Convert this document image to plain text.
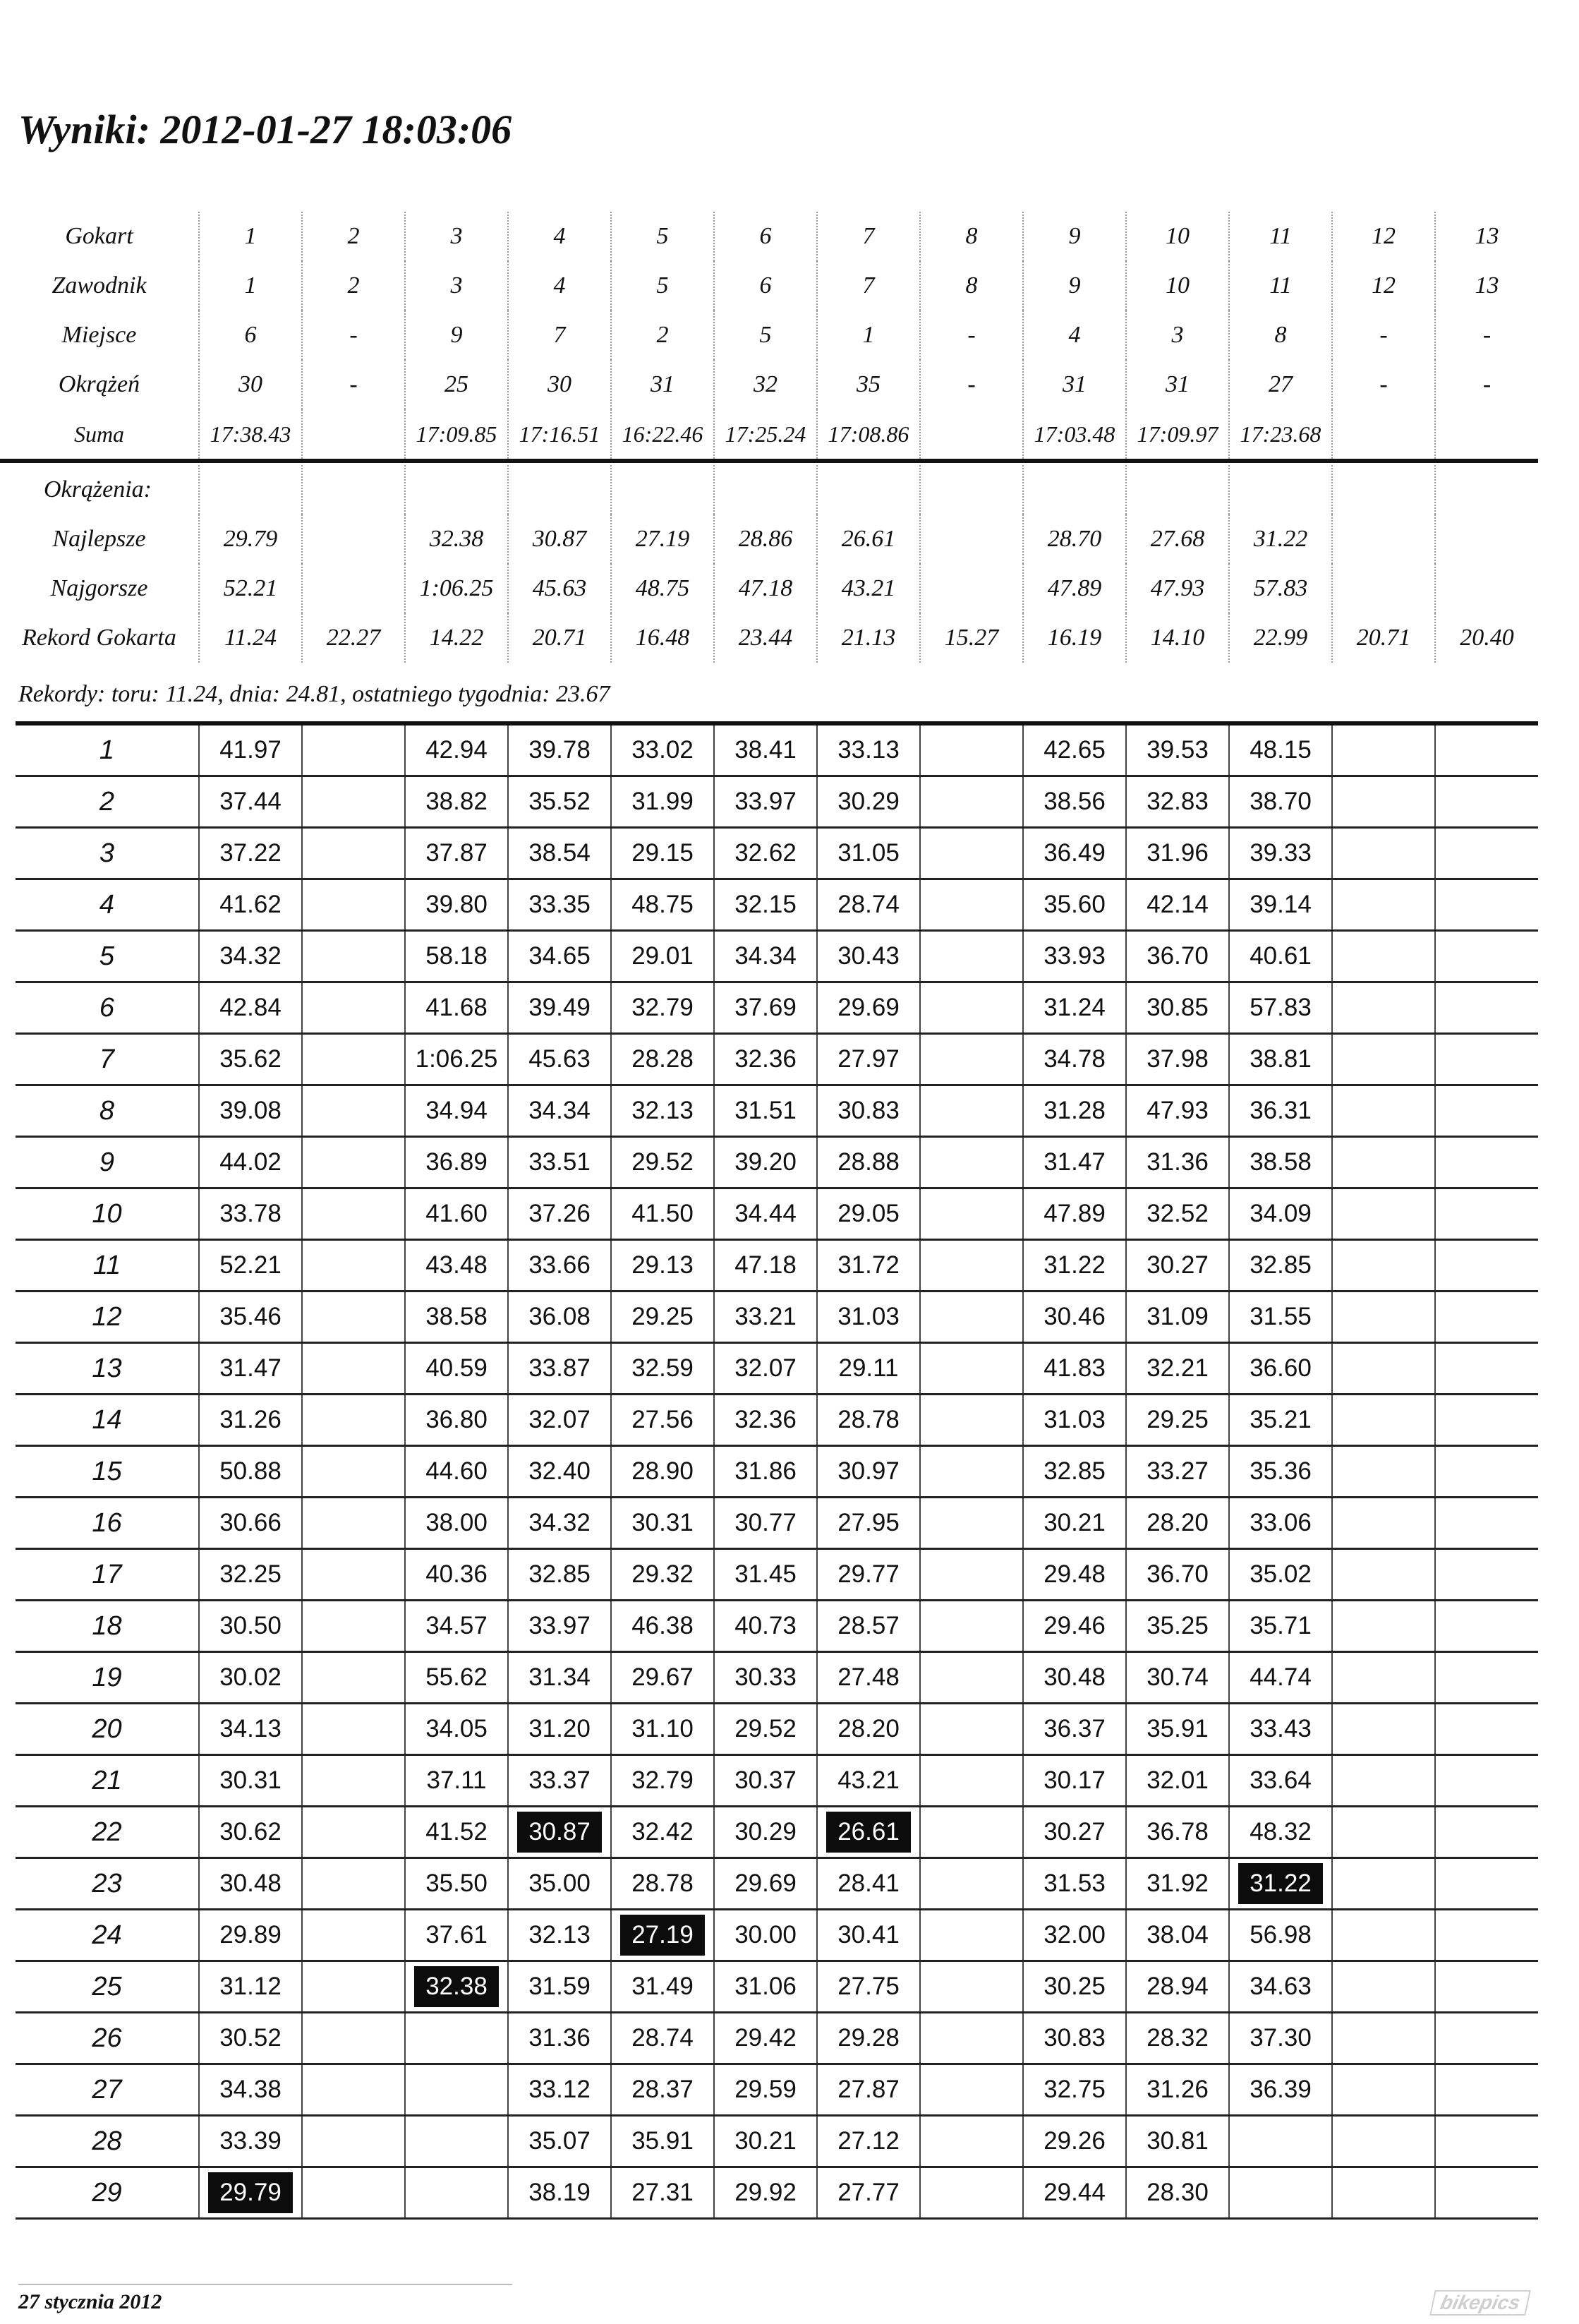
Wyniki: 2012-01-27 18:03:06
Gokart	1	2	3	4	5	6	7	8	9	10	11	12	13
Zawodnik	1	2	3	4	5	6	7	8	9	10	11	12	13
Miejsce	6	-	9	7	2	5	1	-	4	3	8	-	-
Okrążeń	30	-	25	30	31	32	35	-	31	31	27	-	-
Suma	17:38.43		17:09.85	17:16.51	16:22.46	17:25.24	17:08.86		17:03.48	17:09.97	17:23.68		

Okrążenia:													
Najlepsze	29.79		32.38	30.87	27.19	28.86	26.61		28.70	27.68	31.22		
Najgorsze	52.21		1:06.25	45.63	48.75	47.18	43.21		47.89	47.93	57.83		
Rekord Gokarta	11.24	22.27	14.22	20.71	16.48	23.44	21.13	15.27	16.19	14.10	22.99	20.71	20.40
Rekordy: toru: 11.24, dnia: 24.81, ostatniego tygodnia: 23.67
1	41.97		42.94	39.78	33.02	38.41	33.13		42.65	39.53	48.15		
2	37.44		38.82	35.52	31.99	33.97	30.29		38.56	32.83	38.70		
3	37.22		37.87	38.54	29.15	32.62	31.05		36.49	31.96	39.33		
4	41.62		39.80	33.35	48.75	32.15	28.74		35.60	42.14	39.14		
5	34.32		58.18	34.65	29.01	34.34	30.43		33.93	36.70	40.61		
6	42.84		41.68	39.49	32.79	37.69	29.69		31.24	30.85	57.83		
7	35.62		1:06.25	45.63	28.28	32.36	27.97		34.78	37.98	38.81		
8	39.08		34.94	34.34	32.13	31.51	30.83		31.28	47.93	36.31		
9	44.02		36.89	33.51	29.52	39.20	28.88		31.47	31.36	38.58		
10	33.78		41.60	37.26	41.50	34.44	29.05		47.89	32.52	34.09		
11	52.21		43.48	33.66	29.13	47.18	31.72		31.22	30.27	32.85		
12	35.46		38.58	36.08	29.25	33.21	31.03		30.46	31.09	31.55		
13	31.47		40.59	33.87	32.59	32.07	29.11		41.83	32.21	36.60		
14	31.26		36.80	32.07	27.56	32.36	28.78		31.03	29.25	35.21		
15	50.88		44.60	32.40	28.90	31.86	30.97		32.85	33.27	35.36		
16	30.66		38.00	34.32	30.31	30.77	27.95		30.21	28.20	33.06		
17	32.25		40.36	32.85	29.32	31.45	29.77		29.48	36.70	35.02		
18	30.50		34.57	33.97	46.38	40.73	28.57		29.46	35.25	35.71		
19	30.02		55.62	31.34	29.67	30.33	27.48		30.48	30.74	44.74		
20	34.13		34.05	31.20	31.10	29.52	28.20		36.37	35.91	33.43		
21	30.31		37.11	33.37	32.79	30.37	43.21		30.17	32.01	33.64		
22	30.62		41.52	30.87	32.42	30.29	26.61		30.27	36.78	48.32		
23	30.48		35.50	35.00	28.78	29.69	28.41		31.53	31.92	31.22		
24	29.89		37.61	32.13	27.19	30.00	30.41		32.00	38.04	56.98		
25	31.12		32.38	31.59	31.49	31.06	27.75		30.25	28.94	34.63		
26	30.52			31.36	28.74	29.42	29.28		30.83	28.32	37.30		
27	34.38			33.12	28.37	29.59	27.87		32.75	31.26	36.39		
28	33.39			35.07	35.91	30.21	27.12		29.26	30.81			
29	29.79			38.19	27.31	29.92	27.77		29.44	28.30			
27 stycznia 2012	bikepics
